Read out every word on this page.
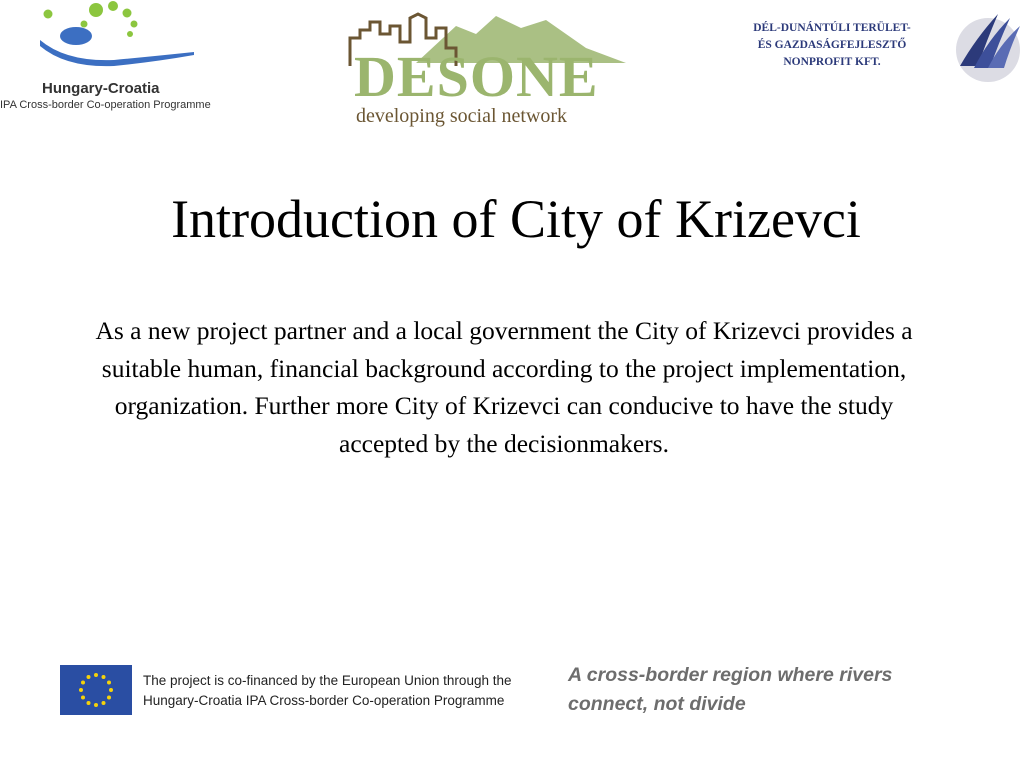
Hungary-Croatia
IPA Cross-border Co-operation Programme DESONE
developing social network
DÉL-DUNÁNTÚLI TERÜLET-
ÉS GAZDASÁGFEJLESZTŐ
NONPROFIT KFT.
Introduction of City of Krizevci

As a new project partner and a local government the City of Krizevci provides a suitable human, financial background according to the project implementation, organization. Further more City of Krizevci can conducive to have the study accepted by the decisionmakers.

The project is co-financed by the European Union through the
Hungary-Croatia IPA Cross-border Co-operation Programme
A cross-border region where rivers
connect, not divide
